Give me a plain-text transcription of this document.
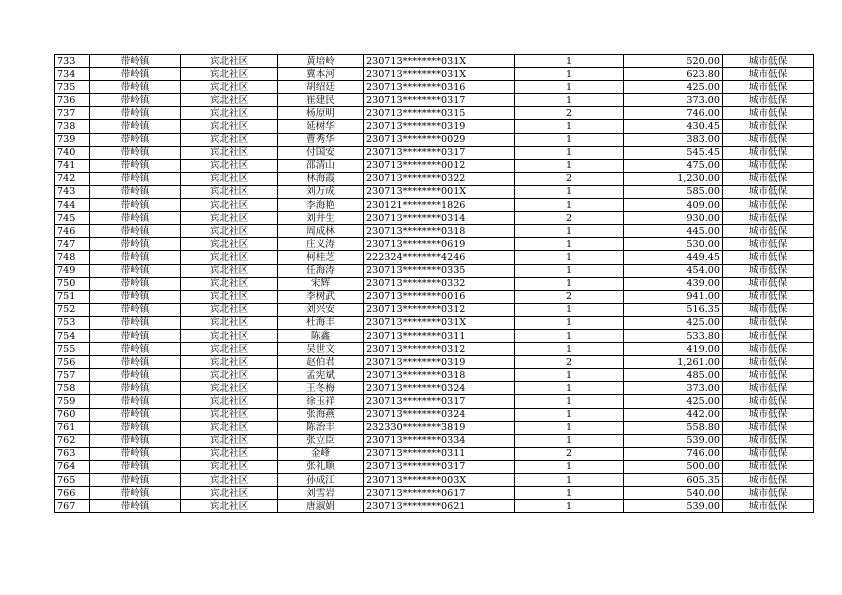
733	带岭镇	宾北社区	黄培岭	230713********031X	1	520.00	城市低保
734	带岭镇	宾北社区	冀本河	230713********031X	1	623.80	城市低保
735	带岭镇	宾北社区	胡绍廷	230713********0316	1	425.00	城市低保
736	带岭镇	宾北社区	崔建民	230713********0317	1	373.00	城市低保
737	带岭镇	宾北社区	杨原明	230713********0315	2	746.00	城市低保
738	带岭镇	宾北社区	延树华	230713********0319	1	430.45	城市低保
739	带岭镇	宾北社区	曹秀华	230713********0029	1	383.00	城市低保
740	带岭镇	宾北社区	付国安	230713********0317	1	545.45	城市低保
741	带岭镇	宾北社区	邵清山	230713********0012	1	475.00	城市低保
742	带岭镇	宾北社区	林海霞	230713********0322	2	1,230.00	城市低保
743	带岭镇	宾北社区	刘万成	230713********001X	1	585.00	城市低保
744	带岭镇	宾北社区	李海艳	230121********1826	1	409.00	城市低保
745	带岭镇	宾北社区	刘井生	230713********0314	2	930.00	城市低保
746	带岭镇	宾北社区	周成林	230713********0318	1	445.00	城市低保
747	带岭镇	宾北社区	庄义涛	230713********0619	1	530.00	城市低保
748	带岭镇	宾北社区	柯桂芝	222324********4246	1	449.45	城市低保
749	带岭镇	宾北社区	任海涛	230713********0335	1	454.00	城市低保
750	带岭镇	宾北社区	宋辉	230713********0332	1	439.00	城市低保
751	带岭镇	宾北社区	李树武	230713********0016	2	941.00	城市低保
752	带岭镇	宾北社区	刘兴安	230713********0312	1	516.35	城市低保
753	带岭镇	宾北社区	杜海丰	230713********031X	1	425.00	城市低保
754	带岭镇	宾北社区	陈鑫	230713********0311	1	533.80	城市低保
755	带岭镇	宾北社区	吴世文	230713********0312	1	419.00	城市低保
756	带岭镇	宾北社区	赵伯君	230713********0319	2	1,261.00	城市低保
757	带岭镇	宾北社区	孟宪斌	230713********0318	1	485.00	城市低保
758	带岭镇	宾北社区	王冬梅	230713********0324	1	373.00	城市低保
759	带岭镇	宾北社区	徐玉祥	230713********0317	1	425.00	城市低保
760	带岭镇	宾北社区	张海燕	230713********0324	1	442.00	城市低保
761	带岭镇	宾北社区	陈治丰	232330********3819	1	558.80	城市低保
762	带岭镇	宾北社区	张立臣	230713********0334	1	539.00	城市低保
763	带岭镇	宾北社区	金峰	230713********0311	2	746.00	城市低保
764	带岭镇	宾北社区	张礼顺	230713********0317	1	500.00	城市低保
765	带岭镇	宾北社区	孙成江	230713********003X	1	605.35	城市低保
766	带岭镇	宾北社区	刘雪岩	230713********0617	1	540.00	城市低保
767	带岭镇	宾北社区	唐淑娟	230713********0621	1	539.00	城市低保
